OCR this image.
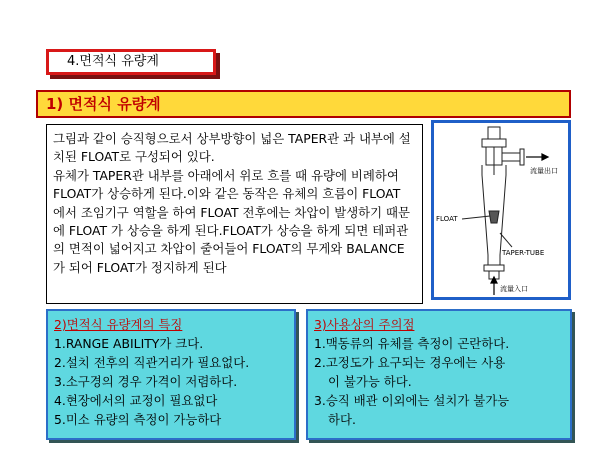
4.면적식 유량계
1) 면적식 유량계

그림과 같이 승직형으로서 상부방향이 넓은 TAPER관 과 내부에 설치된 FLOAT로 구성되어 있다.

유체가 TAPER관 내부를 아래에서 위로 흐를 때 유량에 비례하여 FLOAT가 상승하게 된다.이와 같은 동작은 유체의 흐름이 FLOAT 에서 조임기구 역할을 하여 FLOAT 전후에는 차압이 발생하기 때문에 FLOAT 가 상승을 하게 된다.FLOAT가 상승을 하게 되면 테퍼관의 면적이 넓어지고 차압이 줄어들어 FLOAT의 무게와 BALANCE가 되어 FLOAT가 정지하게 된다

流量出口
FLOAT
TAPER-TUBE
流量入口
2)면적식 유량계의 특징
1.RANGE ABILITY가 크다.
2.설치 전후의 직관거리가 필요없다.
3.소구경의 경우 가격이 저렴하다.
4.현장에서의 교정이 필요없다
5.미소 유량의 측정이 가능하다
3)사용상의 주의점
1.맥동류의 유체를 측정이 곤란하다.
2.고정도가 요구되는 경우에는 사용
이 불가능 하다.
3.승직 배관 이외에는 설치가 불가능
하다.
